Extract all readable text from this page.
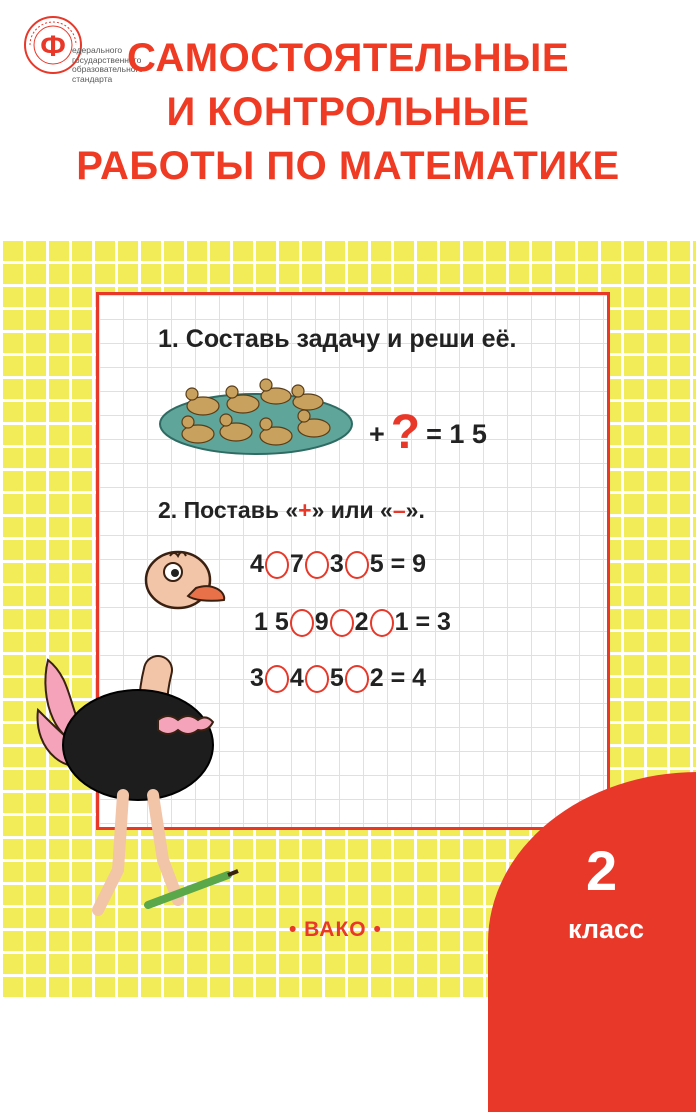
Ф едерального
государственного
образовательного
стандарта САМОСТОЯТЕЛЬНЫЕ
И КОНТРОЛЬНЫЕ
РАБОТЫ ПО МАТЕМАТИКЕ
1. Составь задачу и реши её.
+ ? = 1 5
2. Поставь «+» или «–».
4 7 3 5
= 9
1 5 9 2 1
= 3
3 4 5 2
= 4
2
класс
• ВАКО •
